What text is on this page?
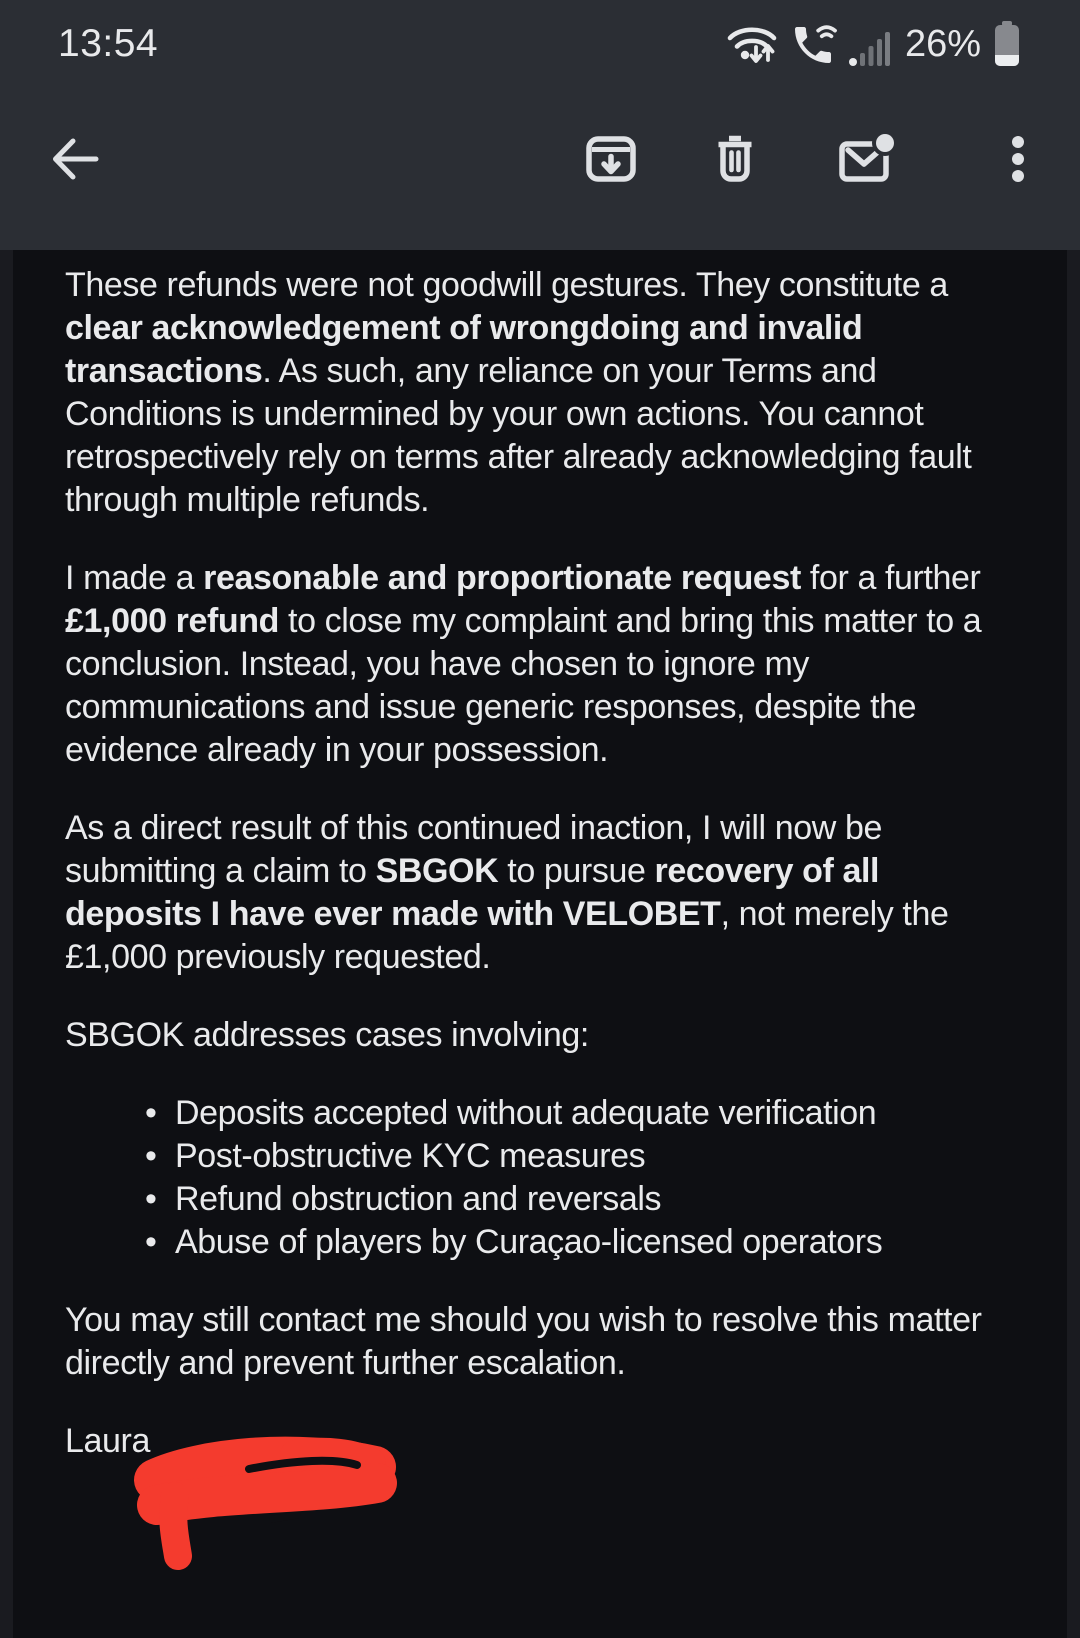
13:54	26%

These refunds were not goodwill gestures. They constitute a clear acknowledgement of wrongdoing and invalid transactions. As such, any reliance on your Terms and Conditions is undermined by your own actions. You cannot retrospectively rely on terms after already acknowledging fault through multiple refunds.

I made a reasonable and proportionate request for a further £1,000 refund to close my complaint and bring this matter to a conclusion. Instead, you have chosen to ignore my communications and issue generic responses, despite the evidence already in your possession.

As a direct result of this continued inaction, I will now be submitting a claim to SBGOK to pursue recovery of all deposits I have ever made with VELOBET, not merely the £1,000 previously requested.

SBGOK addresses cases involving:

• Deposits accepted without adequate verification
• Post-obstructive KYC measures
• Refund obstruction and reversals
• Abuse of players by Curaçao-licensed operators

You may still contact me should you wish to resolve this matter directly and prevent further escalation.

Laura
